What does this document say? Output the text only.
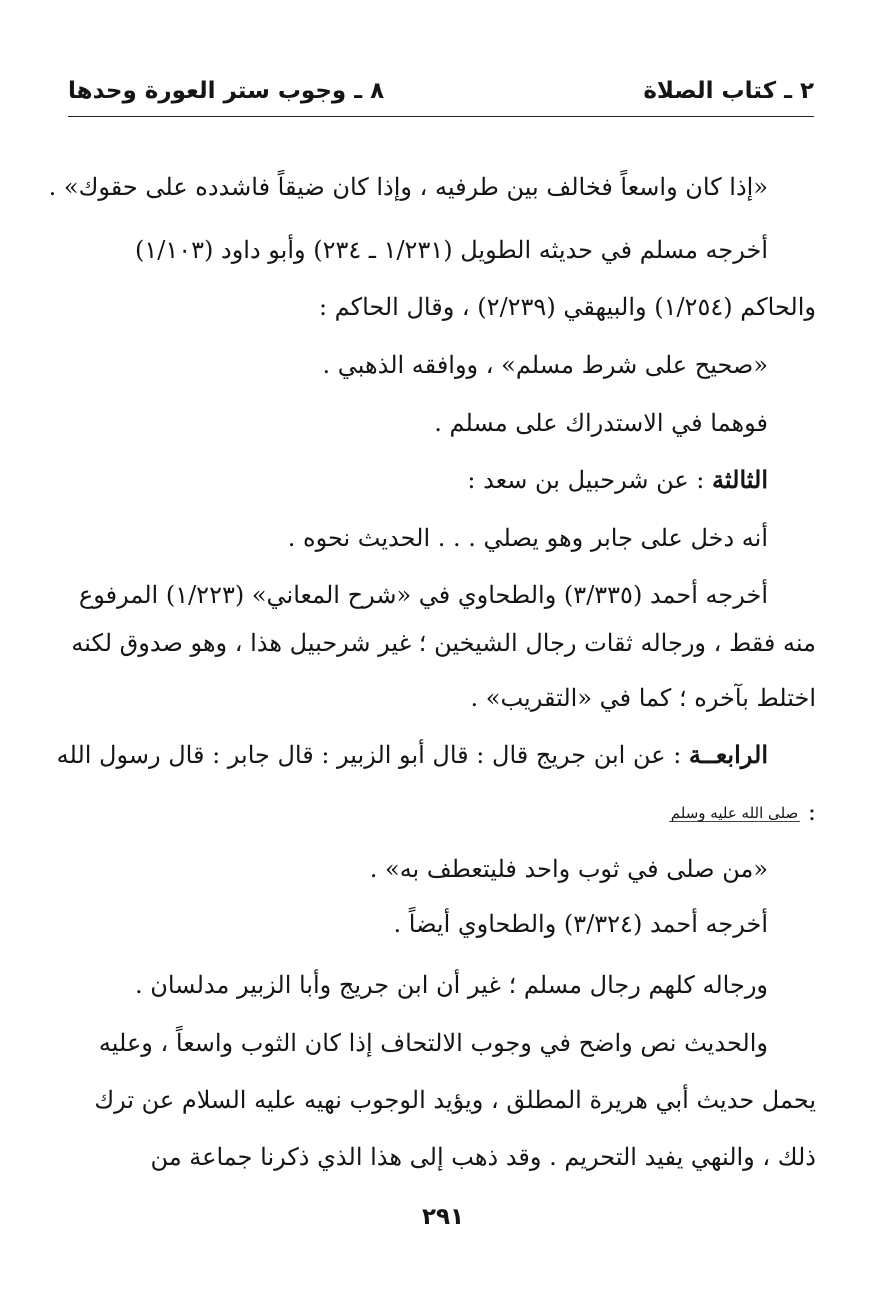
٢ ـ كتاب الصلاة
٨ ـ وجوب ستر العورة وحدها
«إذا كان واسعاً فخالف بين طرفيه ، وإذا كان ضيقاً فاشدده على حقوك» .
أخرجه مسلم في حديثه الطويل (١/٢٣١ ـ ٢٣٤) وأبو داود (١/١٠٣)
والحاكم (١/٢٥٤) والبيهقي (٢/٢٣٩) ، وقال الحاكم :
«صحيح على شرط مسلم» ، ووافقه الذهبي .
فوهما في الاستدراك على مسلم .
الثالثة : عن شرحبيل بن سعد :
أنه دخل على جابر وهو يصلي . . . الحديث نحوه .
أخرجه أحمد (٣/٣٣٥) والطحاوي في «شرح المعاني» (١/٢٢٣) المرفوع
منه فقط ، ورجاله ثقات رجال الشيخين ؛ غير شرحبيل هذا ، وهو صدوق لكنه
اختلط بآخره ؛ كما في «التقريب» .
الرابعــة : عن ابن جريج قال : قال أبو الزبير : قال جابر : قال رسول الله
صلى الله عليه وسلم :
«من صلى في ثوب واحد فليتعطف به» .
أخرجه أحمد (٣/٣٢٤) والطحاوي أيضاً .
ورجاله كلهم رجال مسلم ؛ غير أن ابن جريج وأبا الزبير مدلسان .
والحديث نص واضح في وجوب الالتحاف إذا كان الثوب واسعاً ، وعليه
يحمل حديث أبي هريرة المطلق ، ويؤيد الوجوب نهيه عليه السلام عن ترك
ذلك ، والنهي يفيد التحريم . وقد ذهب إلى هذا الذي ذكرنا جماعة من
٢٩١
